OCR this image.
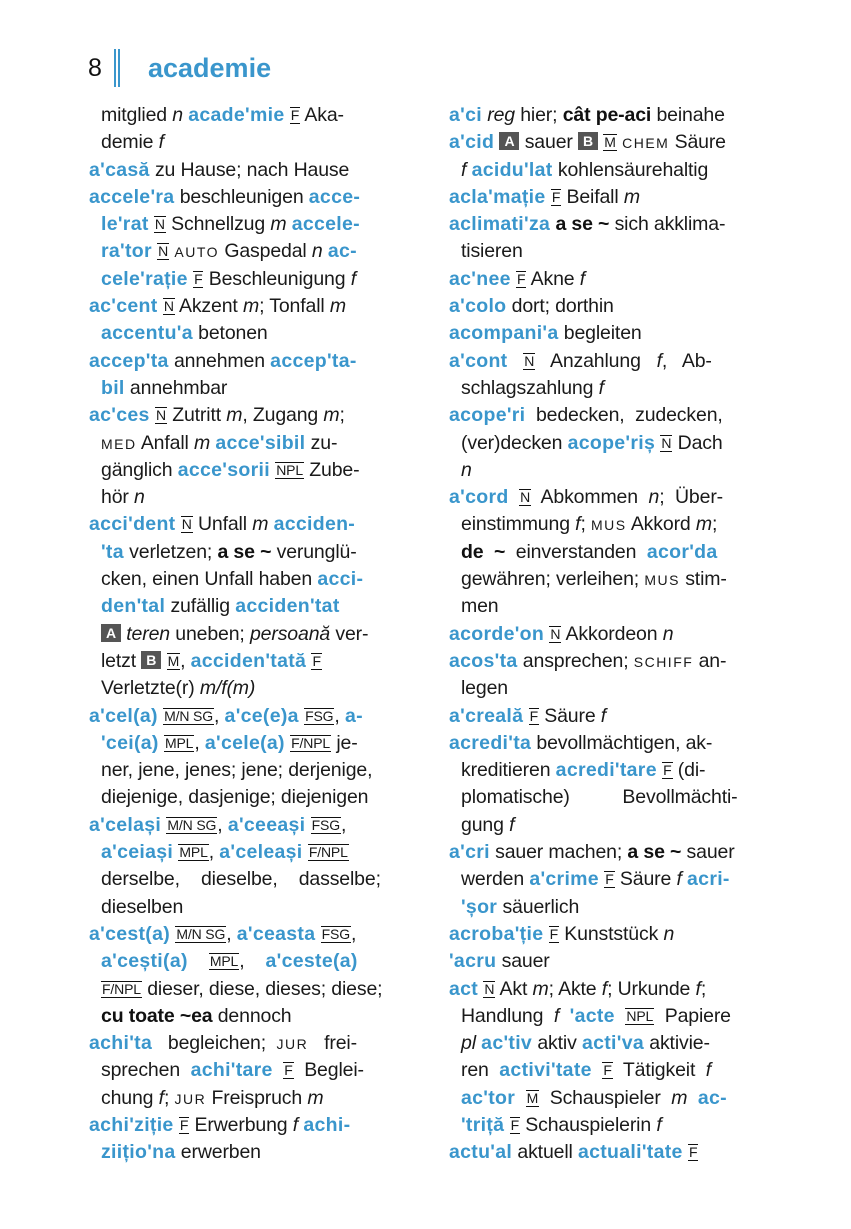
8 academie
mitglied n acade'mie F Aka-
demie f
a'casă zu Hause; nach Hause
accele'ra beschleunigen acce-
le'rat N Schnellzug m accele-
ra'tor N AUTO Gaspedal n ac-
cele'rație F Beschleunigung f
ac'cent N Akzent m; Tonfall m
accentu'a betonen
accep'ta annehmen accep'ta-
bil annehmbar
ac'ces N Zutritt m, Zugang m;
MED Anfall m acce'sibil zu-
gänglich acce'sorii NPL Zube-
hör n
acci'dent N Unfall m acciden-
'ta verletzen; a se ~ verunglü-
cken, einen Unfall haben acci-
den'tal zufällig acciden'tat
A teren uneben; persoană ver-
letzt B M, acciden'tată F
Verletzte(r) m/f(m)
a'cel(a) M/N SG, a'ce(e)a FSG, a-
'cei(a) MPL, a'cele(a) F/NPL je-
ner, jene, jenes; jene; derjenige,
diejenige, dasjenige; diejenigen
a'celași M/N SG, a'ceeași FSG,
a'ceiași MPL, a'celeași F/NPL
derselbe,    dieselbe,    dasselbe;
dieselben
a'cest(a) M/N SG, a'ceasta FSG,
a'cești(a) MPL,    a'ceste(a)
F/NPL dieser, diese, dieses; diese;
cu toate ~ea dennoch
achi'ta   begleichen;  JUR   frei-
sprechen  achi'tare F  Beglei-
chung f; JUR Freispruch m
achi'ziție F Erwerbung f achi-
ziițio'na erwerben
a'ci reg hier; cât pe-aci beinahe
a'cid A sauer B M CHEM Säure
f acidu'lat kohlensäurehaltig
acla'mație F Beifall m
aclimati'za a se ~ sich akklima-
tisieren
ac'nee F Akne f
a'colo dort; dorthin
acompani'a begleiten
a'cont N   Anzahlung   f,   Ab-
schlagszahlung f
acope'ri  bedecken,  zudecken,
(ver)decken acope'riș N Dach
n
a'cord N  Abkommen  n;  Über-
einstimmung f; MUS Akkord m;
de  ~  einverstanden  acor'da
gewähren; verleihen; MUS stim-
men
acorde'on N Akkordeon n
acos'ta ansprechen; SCHIFF an-
legen
a'creală F Säure f
acredi'ta bevollmächtigen, ak-
kreditieren acredi'tare F (di-
plomatische)          Bevollmächti-
gung f
a'cri sauer machen; a se ~ sauer
werden a'crime F Säure f acri-
'șor säuerlich
acroba'ție F Kunststück n
'acru sauer
act N Akt m; Akte f; Urkunde f;
Handlung  f 'acte NPL  Papiere
pl ac'tiv aktiv acti'va aktivie-
ren  activi'tate F  Tätigkeit  f
ac'tor M  Schauspieler  m ac-
'triță F Schauspielerin f
actu'al aktuell actuali'tate F
